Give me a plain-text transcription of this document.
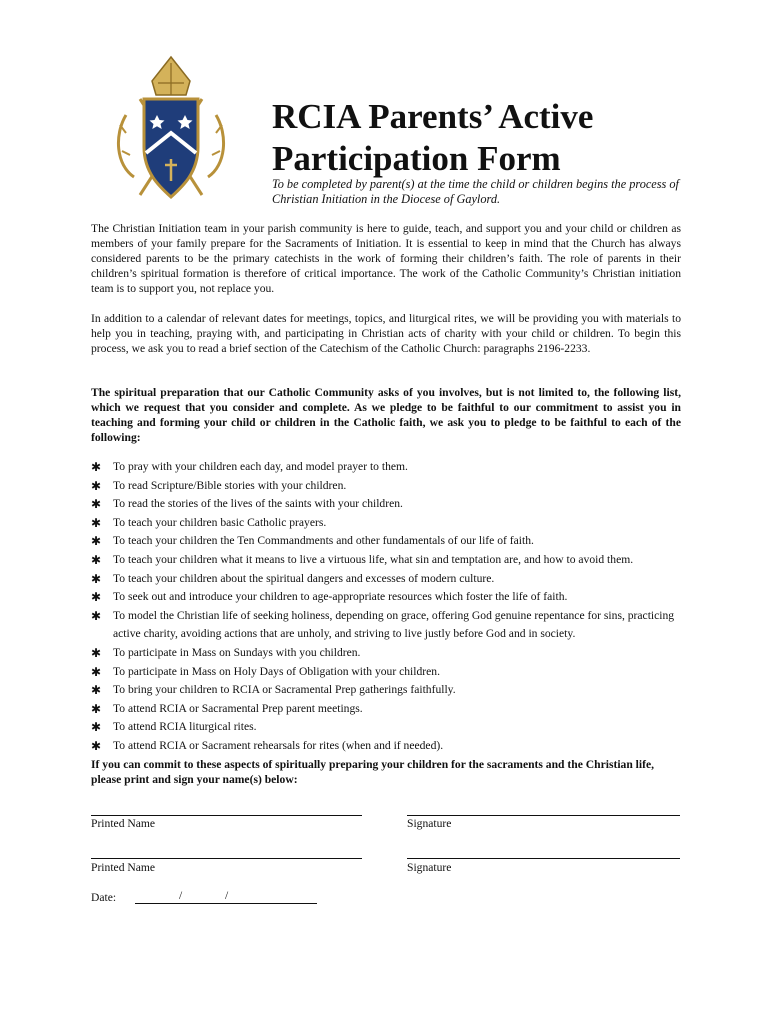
RCIA Parents’ Active
Participation Form

To be completed by parent(s) at the time the child or children begins the process of Christian Initiation in the Diocese of Gaylord.

The Christian Initiation team in your parish community is here to guide, teach, and support you and your child or children as members of your family prepare for the Sacraments of Initiation. It is essential to keep in mind that the Church has always considered parents to be the primary catechists in the work of forming their children’s faith. The role of parents in their children’s spiritual formation is therefore of critical importance. The work of the Catholic Community’s Christian initiation team is to support you, not replace you.

In addition to a calendar of relevant dates for meetings, topics, and liturgical rites, we will be providing you with materials to help you in teaching, praying with, and participating in Christian acts of charity with your child or children. To begin this process, we ask you to read a brief section of the Catechism of the Catholic Church: paragraphs 2196-2233.

The spiritual preparation that our Catholic Community asks of you involves, but is not limited to, the following list, which we request that you consider and complete. As we pledge to be faithful to our commitment to assist you in teaching and forming your child or children in the Catholic faith, we ask you to pledge to be faithful to each of the following:

✱ To pray with your children each day, and model prayer to them.
✱ To read Scripture/Bible stories with your children.
✱ To read the stories of the lives of the saints with your children.
✱ To teach your children basic Catholic prayers.
✱ To teach your children the Ten Commandments and other fundamentals of our life of faith.
✱ To teach your children what it means to live a virtuous life, what sin and temptation are, and how to avoid them.
✱ To teach your children about the spiritual dangers and excesses of modern culture.
✱ To seek out and introduce your children to age-appropriate resources which foster the life of faith.
✱ To model the Christian life of seeking holiness, depending on grace, offering God genuine repentance for sins, practicing active charity, avoiding actions that are unholy, and striving to live justly before God and in society.
✱ To participate in Mass on Sundays with you children.
✱ To participate in Mass on Holy Days of Obligation with your children.
✱ To bring your children to RCIA or Sacramental Prep gatherings faithfully.
✱ To attend RCIA or Sacramental Prep parent meetings.
✱ To attend RCIA liturgical rites.
✱ To attend RCIA or Sacrament rehearsals for rites (when and if needed).

If you can commit to these aspects of spiritually preparing your children for the sacraments and the Christian life, please print and sign your name(s) below:

Printed Name	Signature
Printed Name	Signature
Date:	/	/
